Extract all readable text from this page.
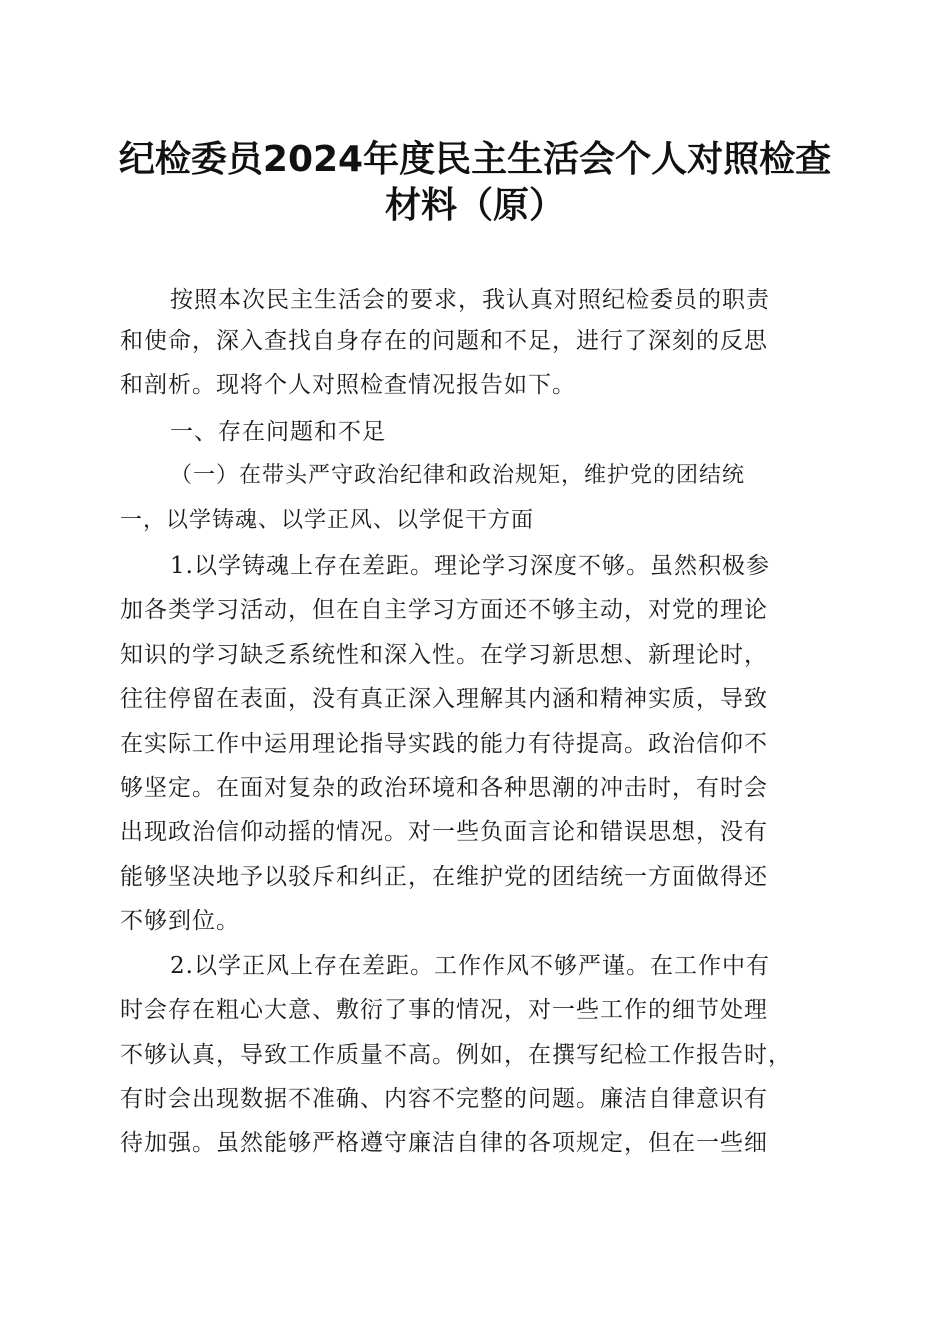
纪检委员2024年度民主生活会个人对照检查
材料（原）
按照本次民主生活会的要求，我认真对照纪检委员的职责
和使命，深入查找自身存在的问题和不足，进行了深刻的反思
和剖析。现将个人对照检查情况报告如下。
一、存在问题和不足
（一）在带头严守政治纪律和政治规矩，维护党的团结统
一，以学铸魂、以学正风、以学促干方面
1.以学铸魂上存在差距。理论学习深度不够。虽然积极参
加各类学习活动，但在自主学习方面还不够主动，对党的理论
知识的学习缺乏系统性和深入性。在学习新思想、新理论时，
往往停留在表面，没有真正深入理解其内涵和精神实质，导致
在实际工作中运用理论指导实践的能力有待提高。政治信仰不
够坚定。在面对复杂的政治环境和各种思潮的冲击时，有时会
出现政治信仰动摇的情况。对一些负面言论和错误思想，没有
能够坚决地予以驳斥和纠正，在维护党的团结统一方面做得还
不够到位。
2.以学正风上存在差距。工作作风不够严谨。在工作中有
时会存在粗心大意、敷衍了事的情况，对一些工作的细节处理
不够认真，导致工作质量不高。例如，在撰写纪检工作报告时，
有时会出现数据不准确、内容不完整的问题。廉洁自律意识有
待加强。虽然能够严格遵守廉洁自律的各项规定，但在一些细
